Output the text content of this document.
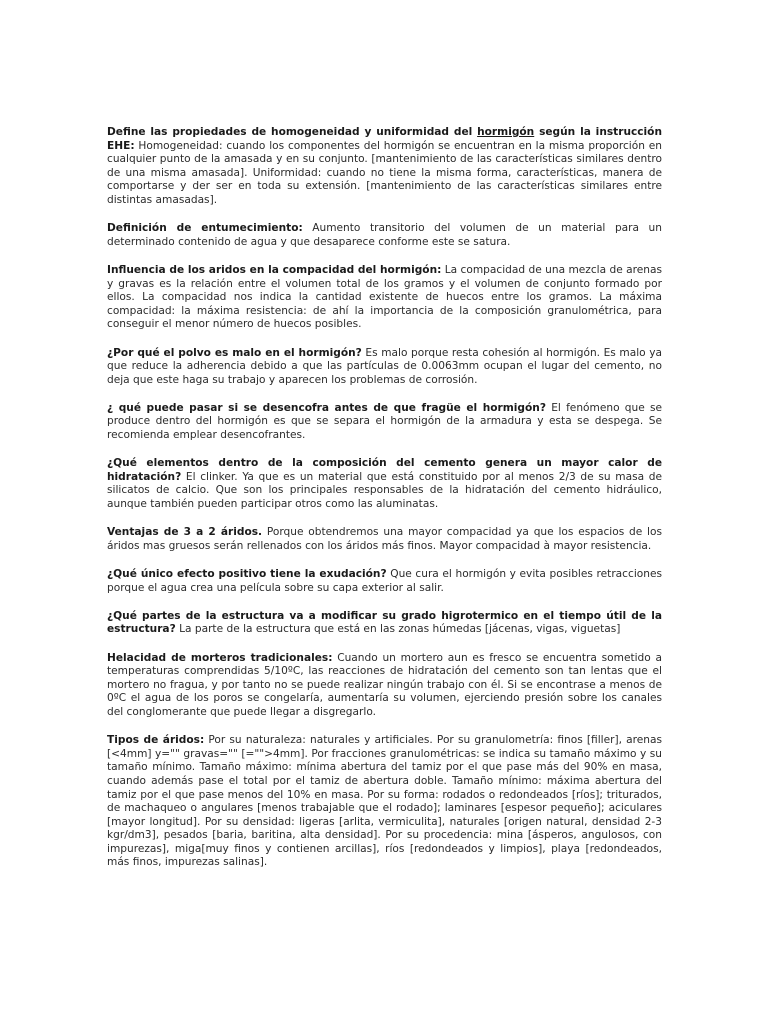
Define las propiedades de homogeneidad y uniformidad del hormigón según la instrucción EHE: Homogeneidad: cuando los componentes del hormigón se encuentran en la misma proporción en cualquier punto de la amasada y en su conjunto. [mantenimiento de las características similares dentro de una misma amasada]. Uniformidad: cuando no tiene la misma forma, características, manera de comportarse y der ser en toda su extensión. [mantenimiento de las características similares entre distintas amasadas].

Definición de entumecimiento: Aumento transitorio del volumen de un material para un determinado contenido de agua y que desaparece conforme este se satura.

Influencia de los aridos en la compacidad del hormigón: La compacidad de una mezcla de arenas y gravas es la relación entre el volumen total de los gramos y el volumen de conjunto formado por ellos. La compacidad nos indica la cantidad existente de huecos entre los gramos. La máxima compacidad: la máxima resistencia: de ahí la importancia de la composición granulométrica, para conseguir el menor número de huecos posibles.

¿Por qué el polvo es malo en el hormigón? Es malo porque resta cohesión al hormigón. Es malo ya que reduce la adherencia debido a que las partículas de 0.0063mm ocupan el lugar del cemento, no deja que este haga su trabajo y aparecen los problemas de corrosión.

¿ qué puede pasar si se desencofra antes de que fragüe el hormigón? El fenómeno que se produce dentro del hormigón es que se separa el hormigón de la armadura y esta se despega. Se recomienda emplear desencofrantes.

¿Qué elementos dentro de la composición del cemento genera un mayor calor de hidratación? El clinker. Ya que es un material que está constituido por al menos 2/3 de su masa de silicatos de calcio. Que son los principales responsables de la hidratación del cemento hidráulico, aunque también pueden participar otros como las aluminatas.

Ventajas de 3 a 2 áridos. Porque obtendremos una mayor compacidad ya que los espacios de los áridos mas gruesos serán rellenados con los áridos más finos. Mayor compacidad à mayor resistencia.

¿Qué único efecto positivo tiene la exudación? Que cura el hormigón y evita posibles retracciones porque el agua crea una película sobre su capa exterior al salir.

¿Qué partes de la estructura va a modificar su grado higrotermico en el tiempo útil de la estructura? La parte de la estructura que está en las zonas húmedas [jácenas, vigas, viguetas]

Helacidad de morteros tradicionales: Cuando un mortero aun es fresco se encuentra sometido a temperaturas comprendidas 5/10ºC, las reacciones de hidratación del cemento son tan lentas que el mortero no fragua, y por tanto no se puede realizar ningún trabajo con él. Si se encontrase a menos de 0ºC el agua de los poros se congelaría, aumentaría su volumen, ejerciendo presión sobre los canales del conglomerante que puede llegar a disgregarlo.

Tipos de áridos: Por su naturaleza: naturales y artificiales. Por su granulometría: finos [filler], arenas [<4mm] y="" gravas="" [="">4mm]. Por fracciones granulométricas: se indica su tamaño máximo y su tamaño mínimo. Tamaño máximo: mínima abertura del tamiz por el que pase más del 90% en masa, cuando además pase el total por el tamiz de abertura doble. Tamaño mínimo: máxima abertura del tamiz por el que pase menos del 10% en masa. Por su forma: rodados o redondeados [ríos]; triturados, de machaqueo o angulares [menos trabajable que el rodado]; laminares [espesor pequeño]; aciculares [mayor longitud]. Por su densidad: ligeras [arlita, vermiculita], naturales [origen natural, densidad 2-3 kgr/dm3], pesados [baria, baritina, alta densidad]. Por su procedencia: mina [ásperos, angulosos, con impurezas], miga[muy finos y contienen arcillas], ríos [redondeados y limpios], playa [redondeados, más finos, impurezas salinas].
